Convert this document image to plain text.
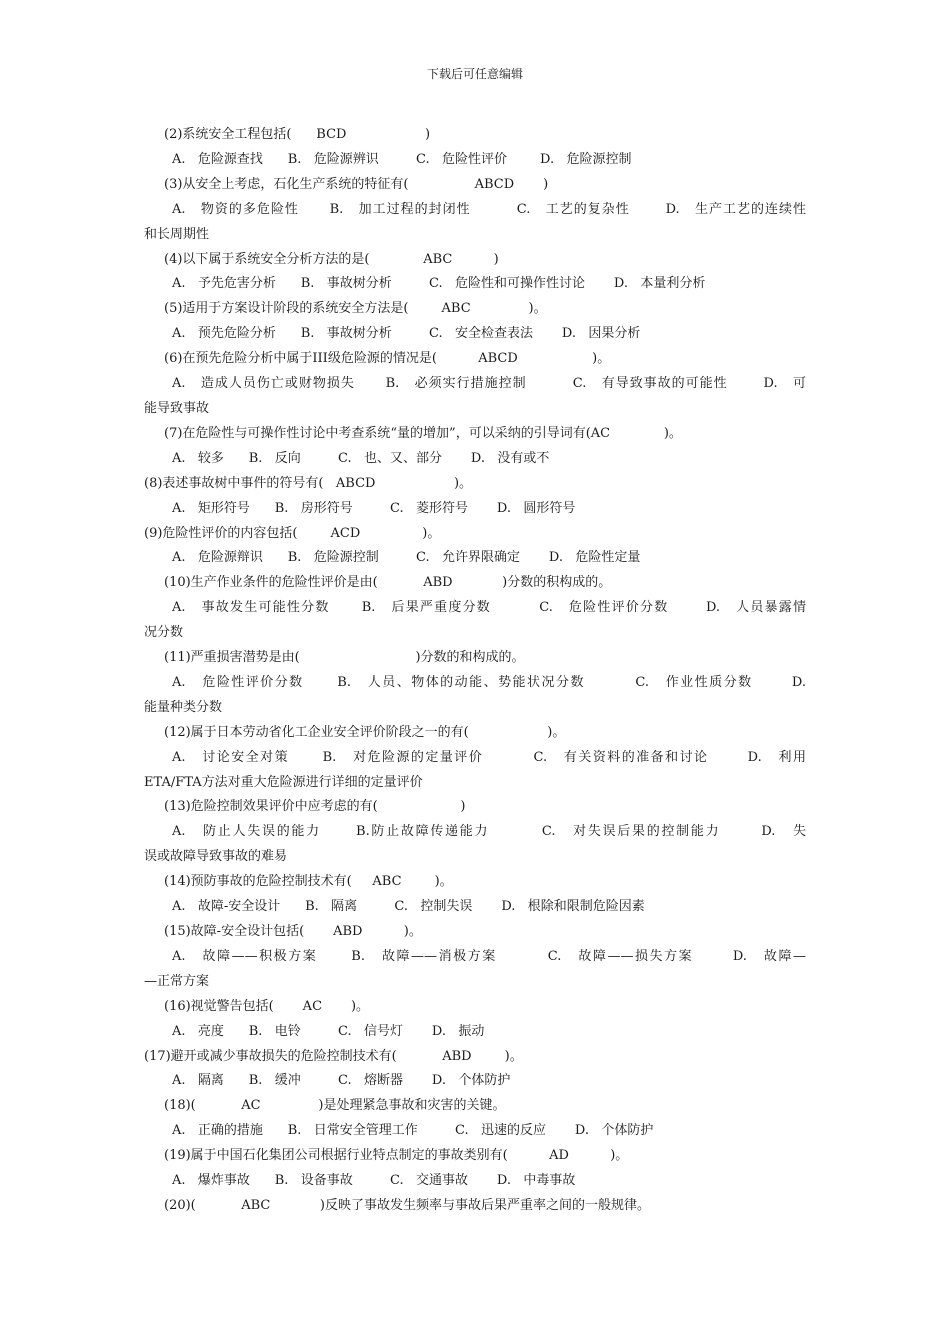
下载后可任意编辑
(2)系统安全工程包括(      BCD                   )
A.   危险源查找      B.   危险源辨识         C.   危险性评价        D.   危险源控制
(3)从安全上考虑，石化生产系统的特征有(                ABCD       )
A.   物资的多危险性      B.   加工过程的封闭性         C.   工艺的复杂性       D.   生产工艺的连续性
和长周期性
(4)以下属于系统安全分析方法的是(             ABC          )
A.   予先危害分析      B.   事故树分析         C.   危险性和可操作性讨论       D.   本量利分析
(5)适用于方案设计阶段的系统安全方法是(        ABC              )。
A.   预先危险分析      B.   事故树分析         C.   安全检查表法       D.   因果分析
(6)在预先危险分析中属于III级危险源的情况是(          ABCD                  )。
A.   造成人员伤亡或财物损失      B.   必须实行措施控制         C.   有导致事故的可能性       D.   可
能导致事故
(7)在危险性与可操作性讨论中考查系统“量的增加”，可以采纳的引导词有(AC             )。
A.   较多      B.   反向         C.   也、又、部分       D.   没有或不
(8)表述事故树中事件的符号有(   ABCD                   )。
A.   矩形符号      B.   房形符号         C.   菱形符号       D.   圆形符号
(9)危险性评价的内容包括(        ACD               )。
A.   危险源辩识      B.   危险源控制         C.   允许界限确定       D.   危险性定量
(10)生产作业条件的危险性评价是由(           ABD            )分数的积构成的。
A.   事故发生可能性分数      B.   后果严重度分数         C.   危险性评价分数       D.   人员暴露情
况分数
(11)严重损害潜势是由(                            )分数的和构成的。
A.   危险性评价分数      B.   人员、物体的动能、势能状况分数         C.   作业性质分数       D.
能量种类分数
(12)属于日本劳动省化工企业安全评价阶段之一的有(                   )。
A.   讨论安全对策      B.   对危险源的定量评价         C.   有关资料的准备和讨论       D.   利用
ETA/FTA方法对重大危险源进行详细的定量评价
(13)危险控制效果评价中应考虑的有(                    )
A.   防止人失误的能力      B.防止故障传递能力         C.   对失误后果的控制能力       D.   失
误或故障导致事故的难易
(14)预防事故的危险控制技术有(     ABC        )。
A.   故障-安全设计      B.   隔离         C.   控制失误       D.   根除和限制危险因素
(15)故障-安全设计包括(       ABD          )。
A.   故障——积极方案      B.   故障——消极方案         C.   故障——损失方案       D.   故障—
—正常方案
(16)视觉警告包括(       AC       )。
A.   亮度      B.   电铃         C.   信号灯       D.   振动
(17)避开或减少事故损失的危险控制技术有(           ABD        )。
A.   隔离      B.   缓冲         C.   熔断器       D.   个体防护
(18)(           AC              )是处理紧急事故和灾害的关键。
A.   正确的措施      B.   日常安全管理工作         C.   迅速的反应       D.   个体防护
(19)属于中国石化集团公司根据行业特点制定的事故类别有(          AD          )。
A.   爆炸事故      B.   设备事故         C.   交通事故       D.   中毒事故
(20)(           ABC            )反映了事故发生频率与事故后果严重率之间的一般规律。
